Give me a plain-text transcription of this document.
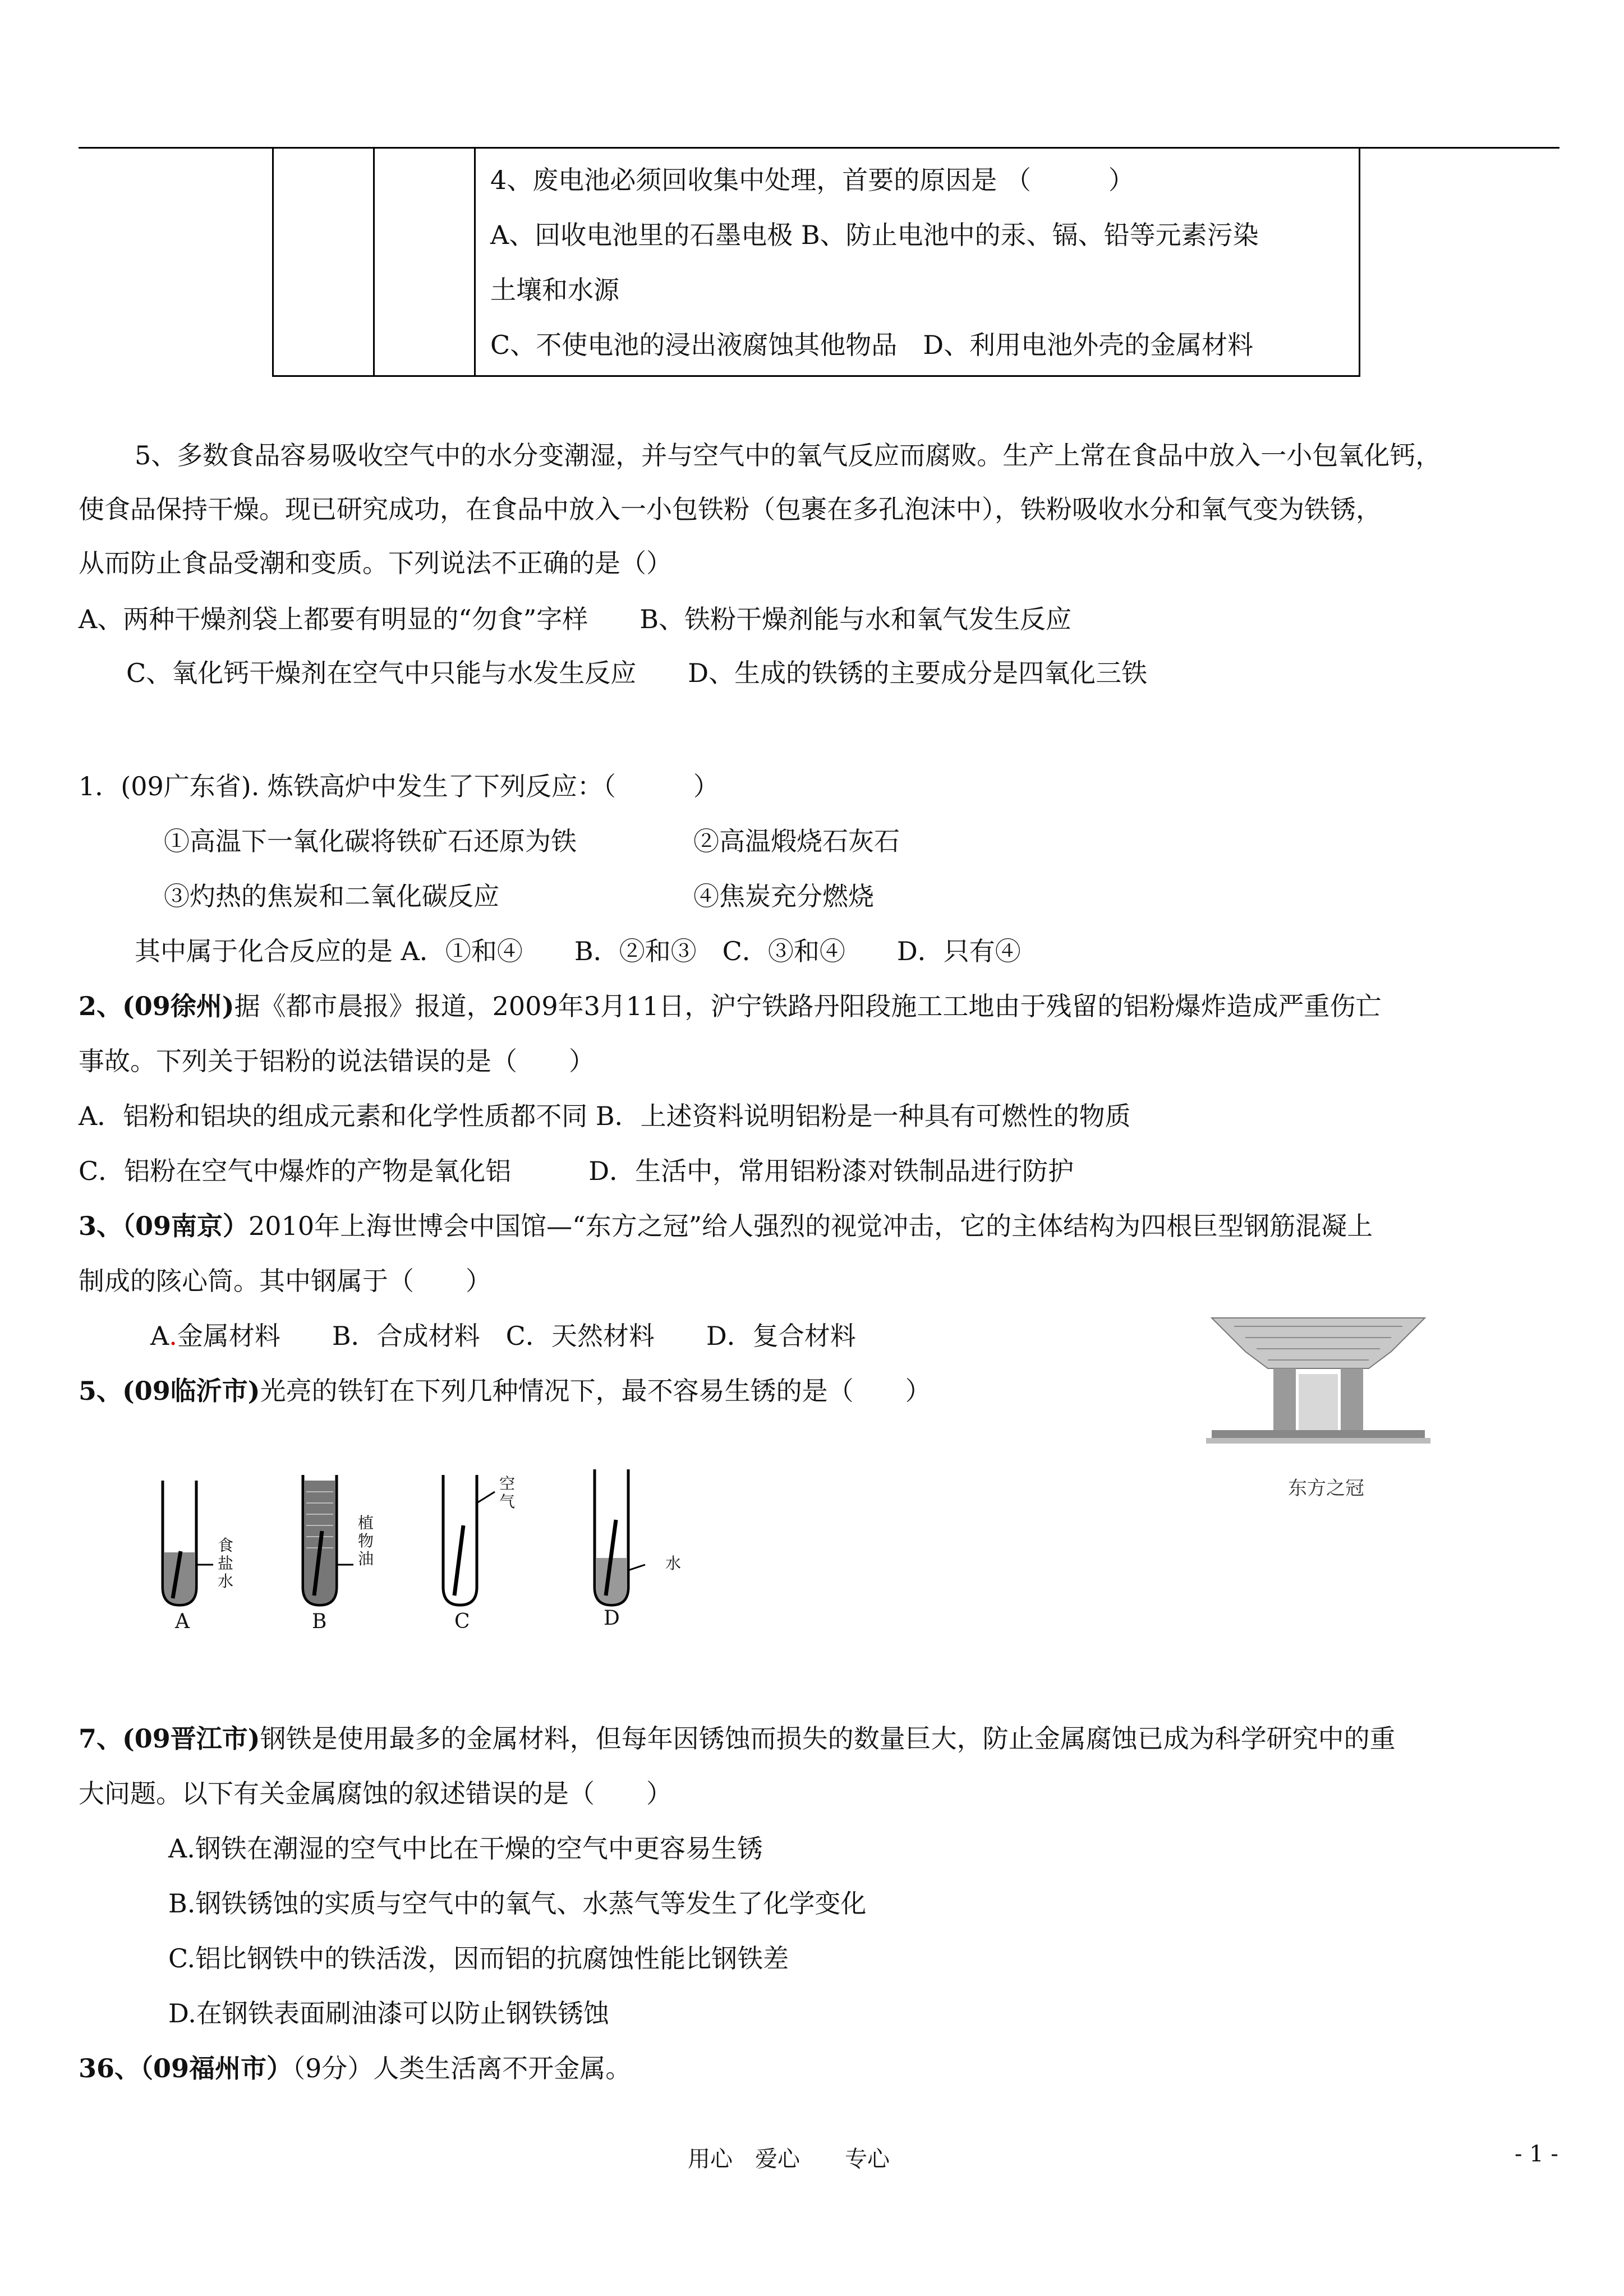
4、废电池必须回收集中处理，首要的原因是 （　　　）
A、回收电池里的石墨电极 B、防止电池中的汞、镉、铅等元素污染
土壤和水源
C、不使电池的浸出液腐蚀其他物品　D、利用电池外壳的金属材料
5、多数食品容易吸收空气中的水分变潮湿，并与空气中的氧气反应而腐败。生产上常在食品中放入一小包氧化钙，
使食品保持干燥。现已研究成功，在食品中放入一小包铁粉（包裹在多孔泡沫中），铁粉吸收水分和氧气变为铁锈，
从而防止食品受潮和变质。下列说法不正确的是（）
A、两种干燥剂袋上都要有明显的“勿食”字样　　B、铁粉干燥剂能与水和氧气发生反应
C、氧化钙干燥剂在空气中只能与水发生反应　　D、生成的铁锈的主要成分是四氧化三铁
1．(09广东省). 炼铁高炉中发生了下列反应：（　　　）
①高温下一氧化碳将铁矿石还原为铁	②高温煅烧石灰石
③灼热的焦炭和二氧化碳反应	④焦炭充分燃烧
其中属于化合反应的是 A．①和④　　B．②和③　C．③和④　　D．只有④
2、(09徐州)据《都市晨报》报道，2009年3月11日，沪宁铁路丹阳段施工工地由于残留的铝粉爆炸造成严重伤亡
事故。下列关于铝粉的说法错误的是（　　）
A．铝粉和铝块的组成元素和化学性质都不同 B．上述资料说明铝粉是一种具有可燃性的物质
C．铝粉在空气中爆炸的产物是氧化铝　　　D．生活中，常用铝粉漆对铁制品进行防护
3、（09南京）2010年上海世博会中国馆—“东方之冠”给人强烈的视觉冲击，它的主体结构为四根巨型钢筋混凝上
制成的陔心筒。其中钢属于（　　）
A.金属材料　　B．合成材料　C．天然材料　　D．复合材料
东方之冠
5、(09临沂市)光亮的铁钉在下列几种情况下，最不容易生锈的是（　　）
食盐水
植物油
空气
水
A	B	C	D
7、(09晋江市)钢铁是使用最多的金属材料，但每年因锈蚀而损失的数量巨大，防止金属腐蚀已成为科学研究中的重
大问题。以下有关金属腐蚀的叙述错误的是（　　）
A.钢铁在潮湿的空气中比在干燥的空气中更容易生锈
B.钢铁锈蚀的实质与空气中的氧气、水蒸气等发生了化学变化
C.铝比钢铁中的铁活泼，因而铝的抗腐蚀性能比钢铁差
D.在钢铁表面刷油漆可以防止钢铁锈蚀
36、（09福州市）（9分）人类生活离不开金属。
用心　爱心　　专心	- 1 -
